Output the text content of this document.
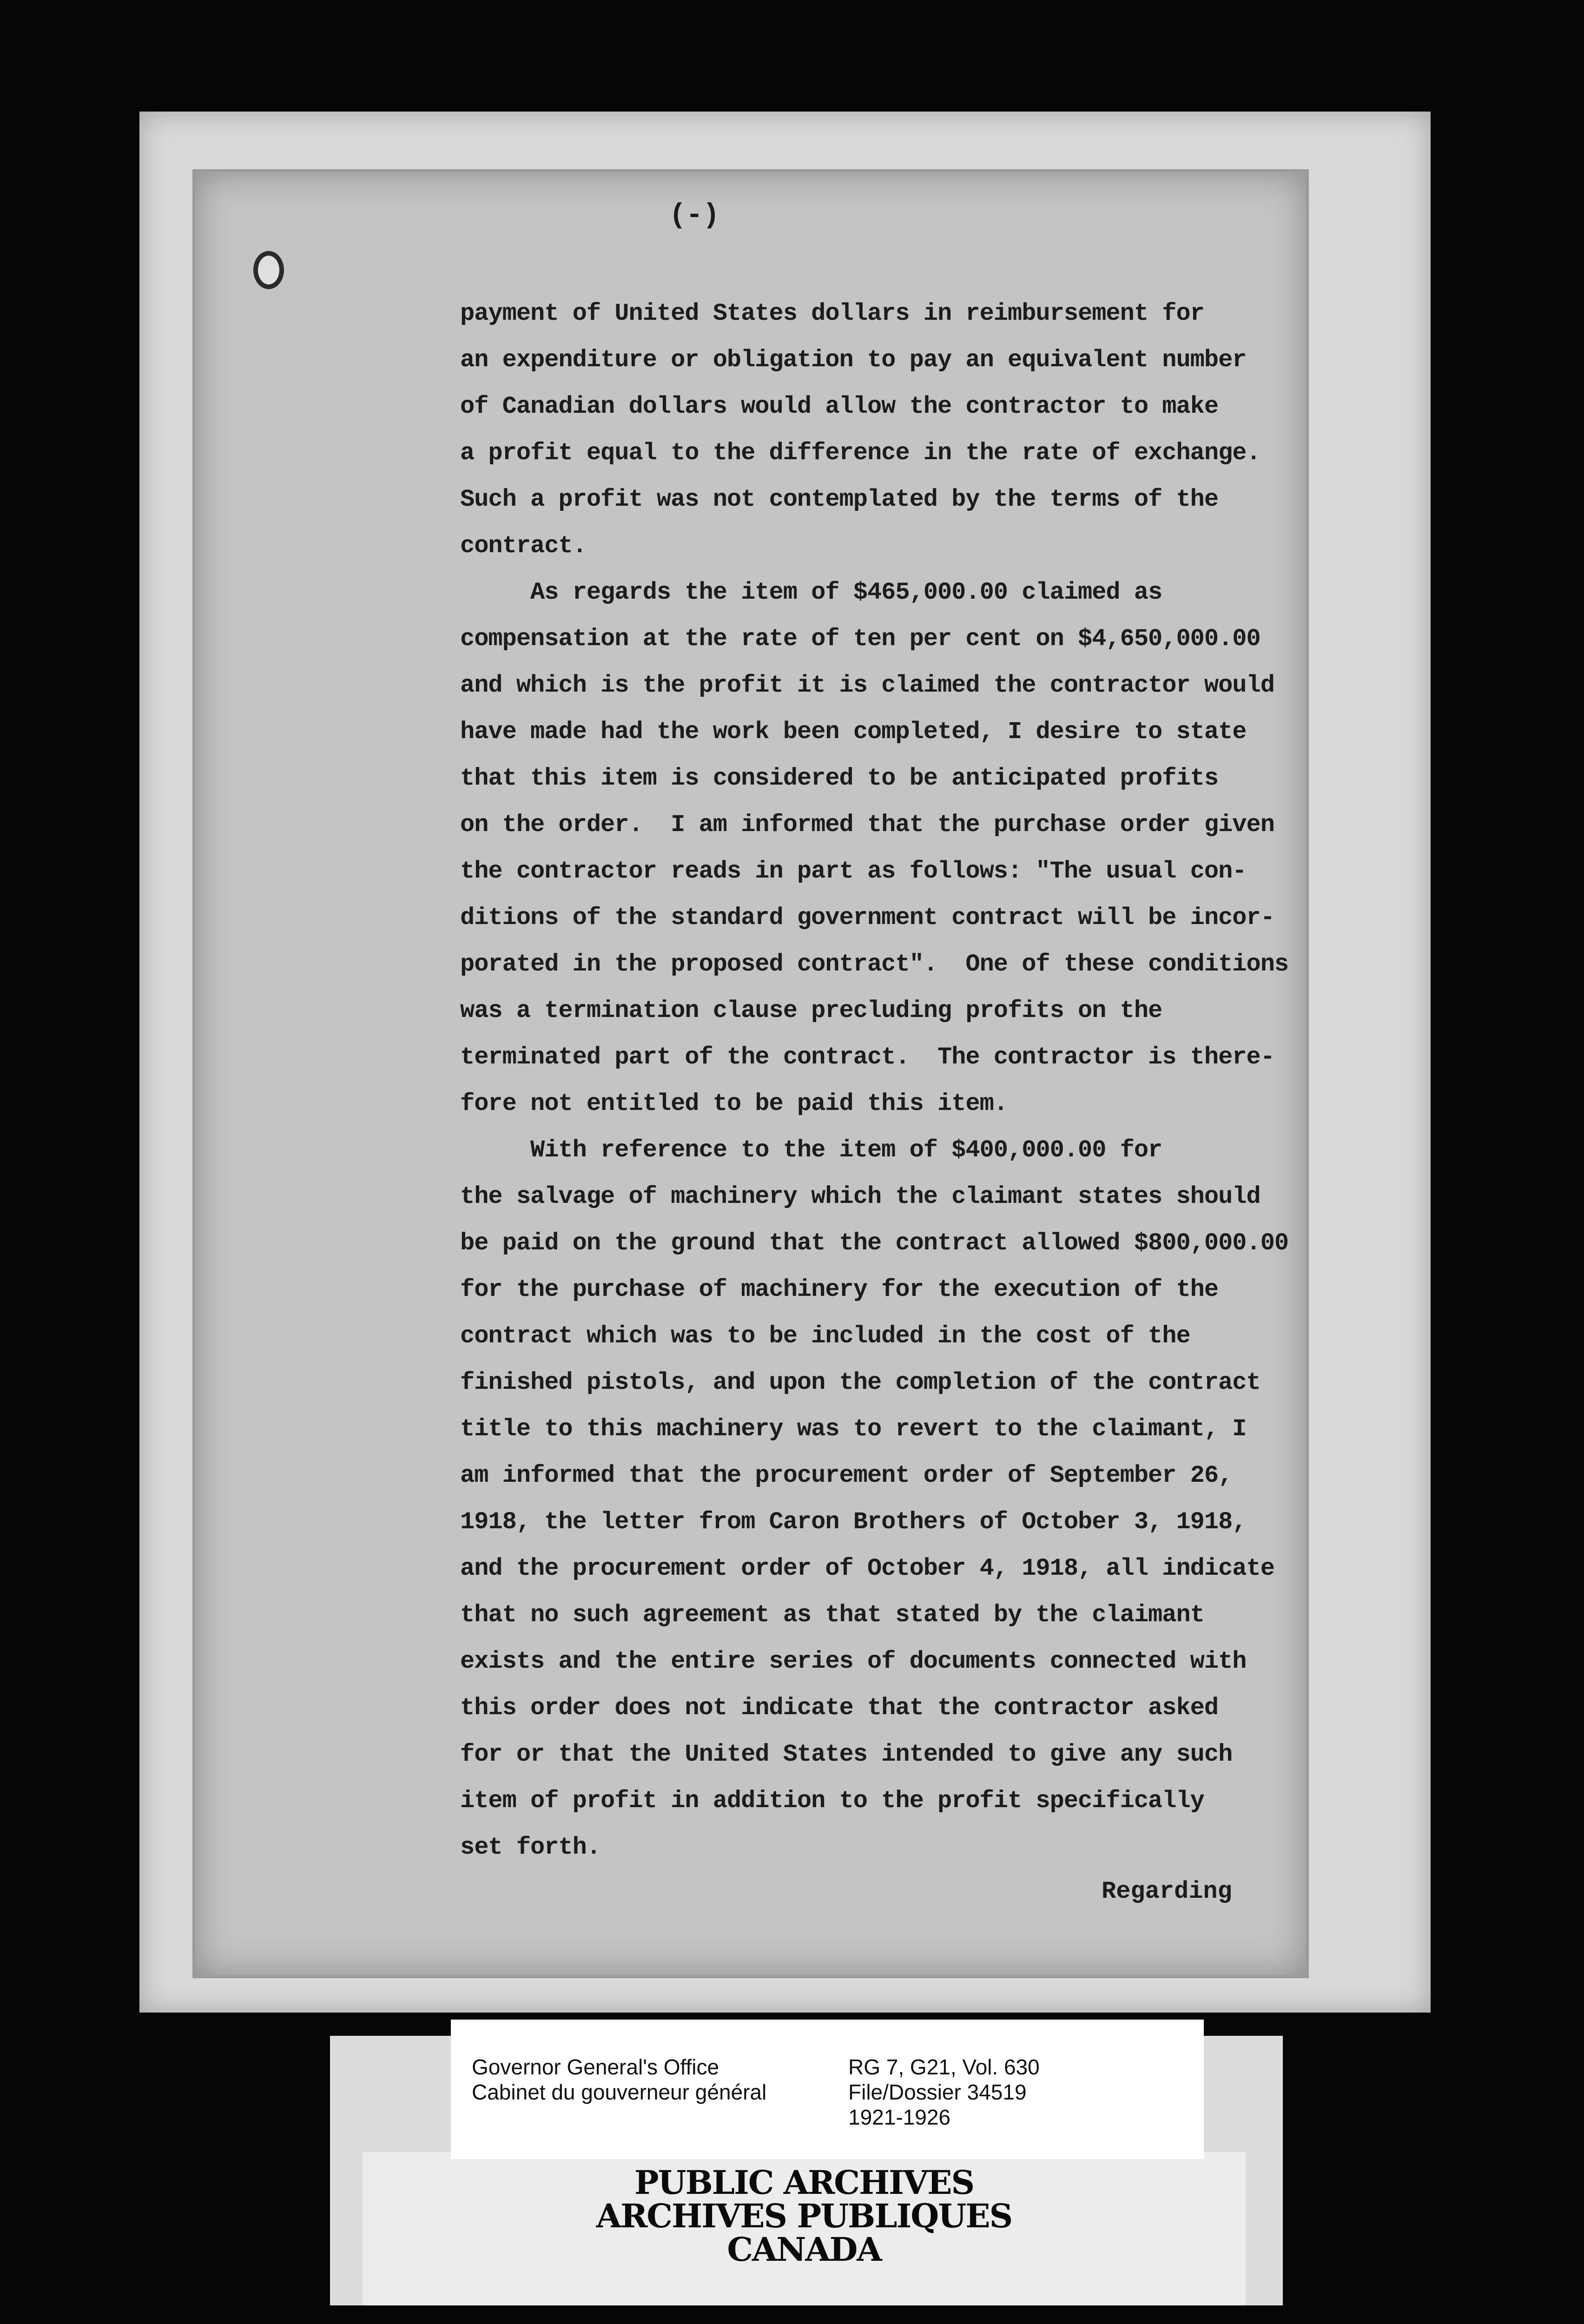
(-)
payment of United States dollars in reimbursement for
an expenditure or obligation to pay an equivalent number
of Canadian dollars would allow the contractor to make
a profit equal to the difference in the rate of exchange.
Such a profit was not contemplated by the terms of the
contract.
As regards the item of $465,000.00 claimed as
compensation at the rate of ten per cent on $4,650,000.00
and which is the profit it is claimed the contractor would
have made had the work been completed, I desire to state
that this item is considered to be anticipated profits
on the order.  I am informed that the purchase order given
the contractor reads in part as follows: "The usual con-
ditions of the standard government contract will be incor-
porated in the proposed contract".  One of these conditions
was a termination clause precluding profits on the
terminated part of the contract.  The contractor is there-
fore not entitled to be paid this item.
With reference to the item of $400,000.00 for
the salvage of machinery which the claimant states should
be paid on the ground that the contract allowed $800,000.00
for the purchase of machinery for the execution of the
contract which was to be included in the cost of the
finished pistols, and upon the completion of the contract
title to this machinery was to revert to the claimant, I
am informed that the procurement order of September 26,
1918, the letter from Caron Brothers of October 3, 1918,
and the procurement order of October 4, 1918, all indicate
that no such agreement as that stated by the claimant
exists and the entire series of documents connected with
this order does not indicate that the contractor asked
for or that the United States intended to give any such
item of profit in addition to the profit specifically
set forth.
Regarding
Governor General's Office
Cabinet du gouverneur général
RG 7, G21, Vol. 630
File/Dossier 34519
1921-1926
PUBLIC ARCHIVES
ARCHIVES PUBLIQUES
CANADA
